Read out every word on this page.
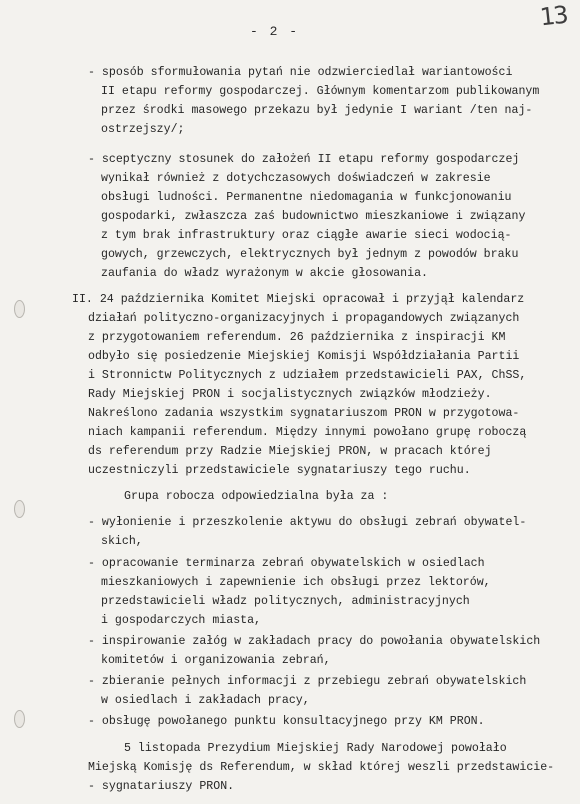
- 2 -
13
- sposób sformułowania pytań nie odzwierciedlał wariantowości
II etapu reformy gospodarczej. Głównym komentarzom publikowanym
przez środki masowego przekazu był jedynie I wariant /ten naj-
ostrzejszy/;
- sceptyczny stosunek do założeń II etapu reformy gospodarczej
wynikał również z dotychczasowych doświadczeń w zakresie
obsługi ludności. Permanentne niedomagania w funkcjonowaniu
gospodarki, zwłaszcza zaś budownictwo mieszkaniowe i związany
z tym brak infrastruktury oraz ciągłe awarie sieci wodocią-
gowych, grzewczych, elektrycznych był jednym z powodów braku
zaufania do władz wyrażonym w akcie głosowania.
II. 24 października Komitet Miejski opracował i przyjął kalendarz
działań polityczno-organizacyjnych i propagandowych związanych
z przygotowaniem referendum. 26 października z inspiracji KM
odbyło się posiedzenie Miejskiej Komisji Współdziałania Partii
i Stronnictw Politycznych z udziałem przedstawicieli PAX, ChSS,
Rady Miejskiej PRON i socjalistycznych związków młodzieży.
Nakreślono zadania wszystkim sygnatariuszom PRON w przygotowa-
niach kampanii referendum. Między innymi powołano grupę roboczą
ds referendum przy Radzie Miejskiej PRON, w pracach której
uczestniczyli przedstawiciele sygnatariuszy tego ruchu.
Grupa robocza odpowiedzialna była za :
- wyłonienie i przeszkolenie aktywu do obsługi zebrań obywatel-
skich,
- opracowanie terminarza zebrań obywatelskich w osiedlach
mieszkaniowych i zapewnienie ich obsługi przez lektorów,
przedstawicieli władz politycznych, administracyjnych
i gospodarczych miasta,
- inspirowanie załóg w zakładach pracy do powołania obywatelskich
komitetów i organizowania zebrań,
- zbieranie pełnych informacji z przebiegu zebrań obywatelskich
w osiedlach i zakładach pracy,
- obsługę powołanego punktu konsultacyjnego przy KM PRON.
5 listopada Prezydium Miejskiej Rady Narodowej powołało
Miejską Komisję ds Referendum, w skład której weszli przedstawicie-
- sygnatariuszy PRON.
